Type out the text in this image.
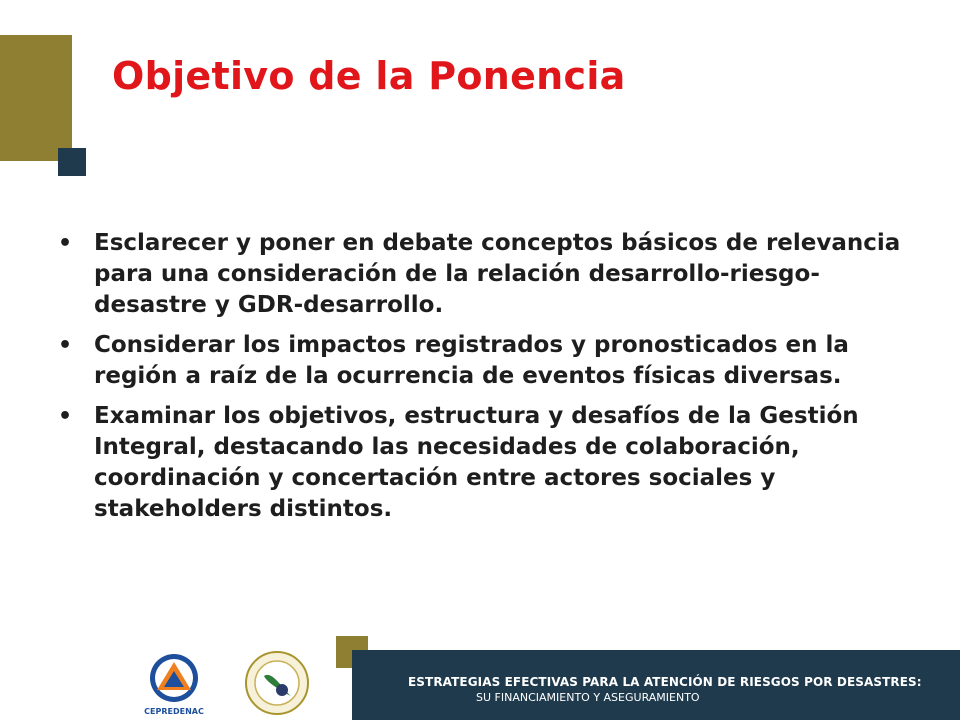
Objetivo de la Ponencia
• Esclarecer y poner en debate conceptos básicos de relevancia para una consideración de la relación desarrollo-riesgo-desastre y GDR-desarrollo.
• Considerar los impactos registrados y pronosticados en la región a raíz de la ocurrencia de eventos físicas diversas.
• Examinar los objetivos, estructura y desafíos de la Gestión Integral, destacando las necesidades de colaboración, coordinación y concertación entre actores sociales y stakeholders distintos.
CEPREDENAC
ESTRATEGIAS EFECTIVAS PARA LA ATENCIÓN DE RIESGOS POR DESASTRES:
SU FINANCIAMIENTO Y ASEGURAMIENTO
